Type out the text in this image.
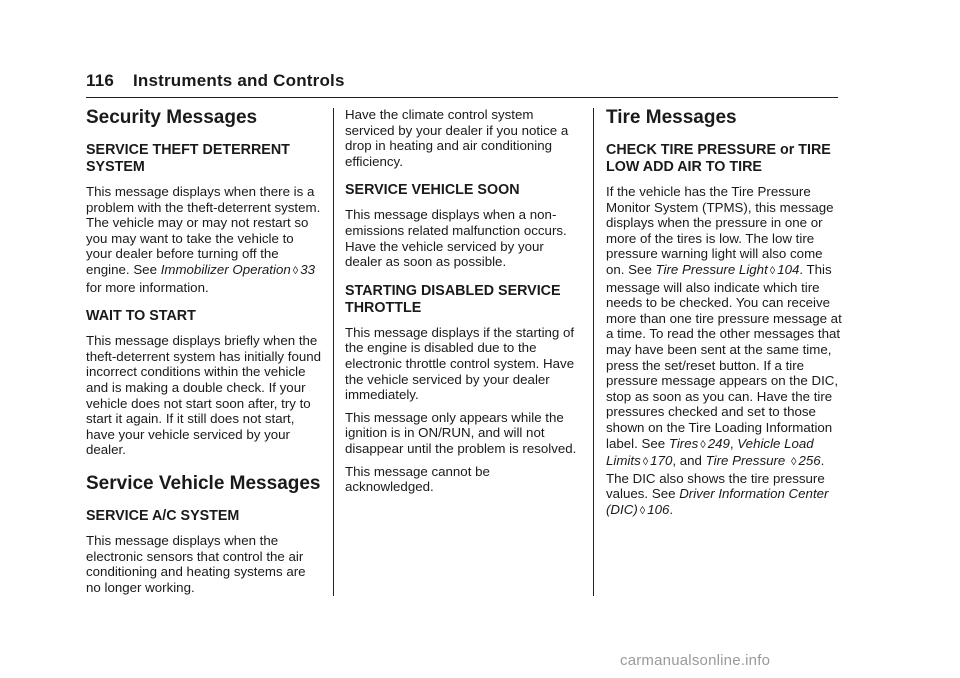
116 Instruments and Controls
Security Messages
SERVICE THEFT DETERRENT SYSTEM

This message displays when there is a problem with the theft-deterrent system. The vehicle may or may not restart so you may want to take the vehicle to your dealer before turning off the engine. See Immobilizer Operation ◊ 33 for more information.

WAIT TO START

This message displays briefly when the theft-deterrent system has initially found incorrect conditions within the vehicle and is making a double check. If your vehicle does not start soon after, try to start it again. If it still does not start, have your vehicle serviced by your dealer.

Service Vehicle Messages
SERVICE A/C SYSTEM

This message displays when the electronic sensors that control the air conditioning and heating systems are no longer working.

Have the climate control system serviced by your dealer if you notice a drop in heating and air conditioning efficiency.

SERVICE VEHICLE SOON

This message displays when a non-emissions related malfunction occurs. Have the vehicle serviced by your dealer as soon as possible.

STARTING DISABLED SERVICE THROTTLE

This message displays if the starting of the engine is disabled due to the electronic throttle control system. Have the vehicle serviced by your dealer immediately.

This message only appears while the ignition is in ON/RUN, and will not disappear until the problem is resolved.

This message cannot be acknowledged.

Tire Messages
CHECK TIRE PRESSURE or TIRE LOW ADD AIR TO TIRE

If the vehicle has the Tire Pressure Monitor System (TPMS), this message displays when the pressure in one or more of the tires is low. The low tire pressure warning light will also come on. See Tire Pressure Light ◊ 104. This message will also indicate which tire needs to be checked. You can receive more than one tire pressure message at a time. To read the other messages that may have been sent at the same time, press the set/reset button. If a tire pressure message appears on the DIC, stop as soon as you can. Have the tire pressures checked and set to those shown on the Tire Loading Information label. See Tires ◊ 249, Vehicle Load Limits ◊ 170, and Tire Pressure ◊ 256. The DIC also shows the tire pressure values. See Driver Information Center (DIC) ◊ 106.

carmanualsonline.info
